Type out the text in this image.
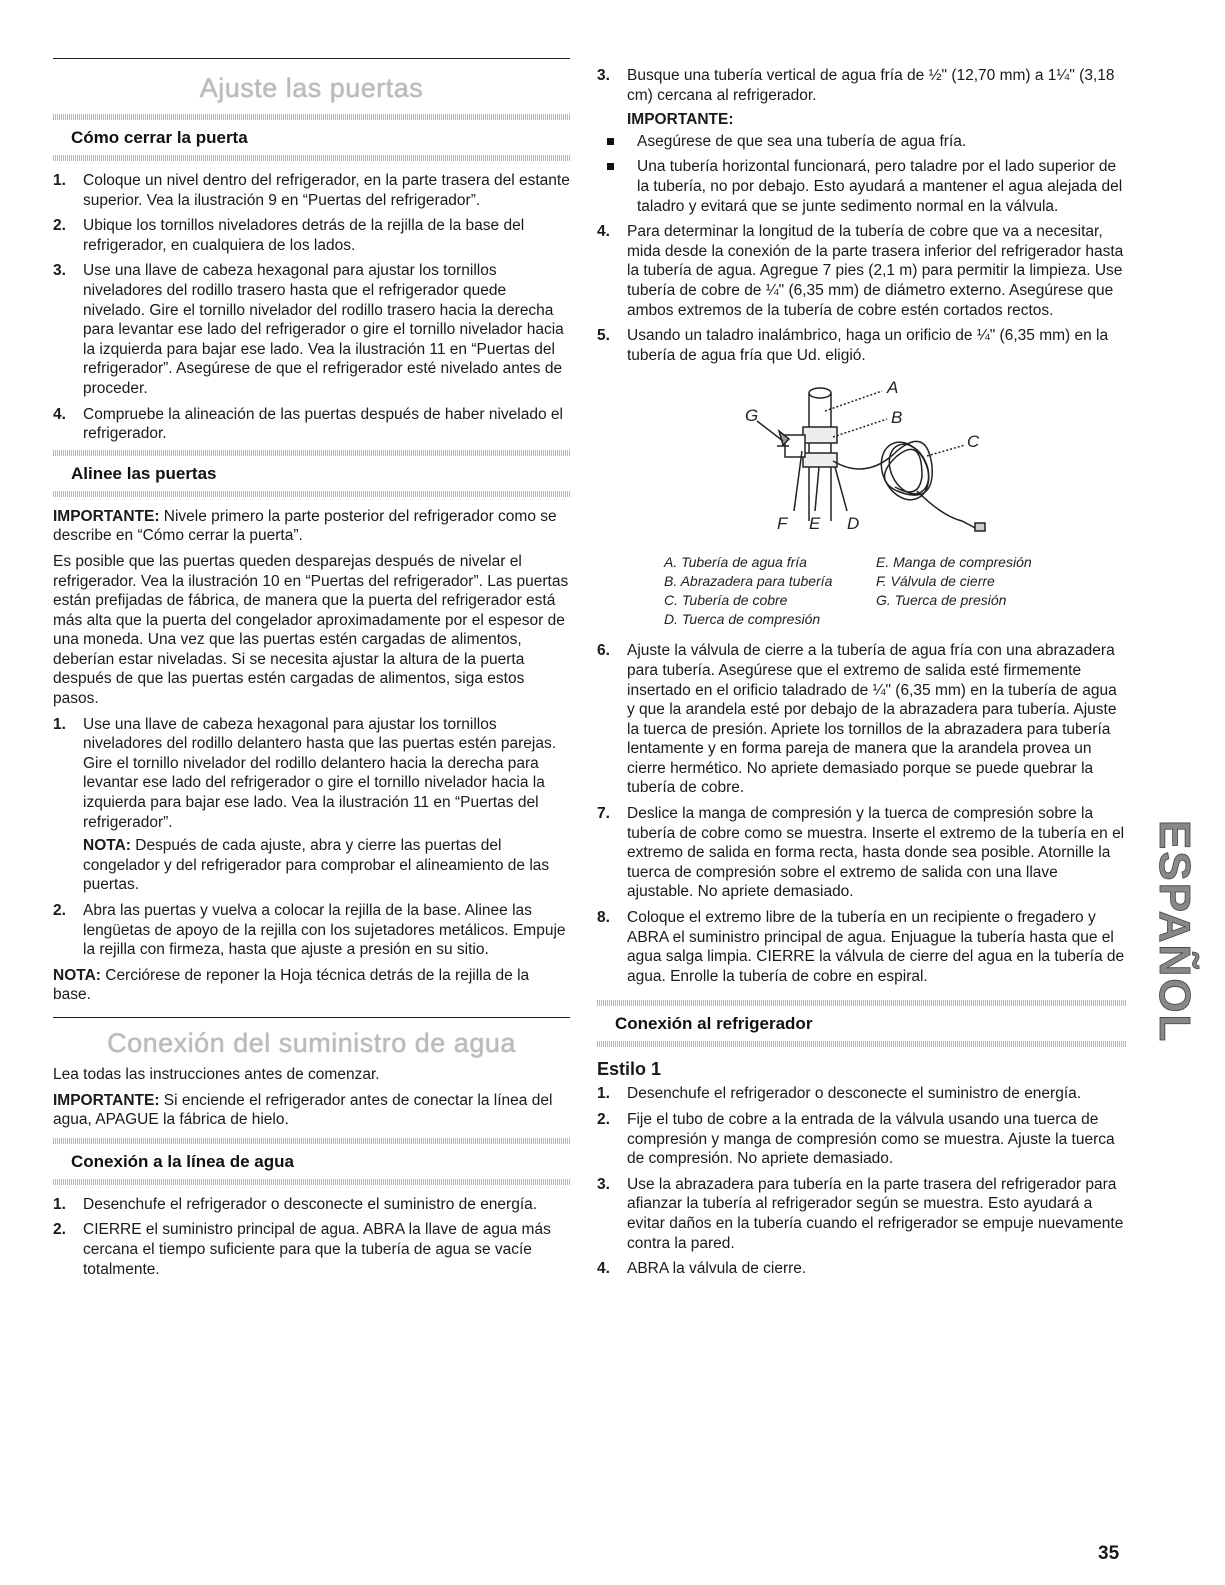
Ajuste las puertas
Cómo cerrar la puerta
1. Coloque un nivel dentro del refrigerador, en la parte trasera del estante superior. Vea la ilustración 9 en “Puertas del refrigerador”.
2. Ubique los tornillos niveladores detrás de la rejilla de la base del refrigerador, en cualquiera de los lados.
3. Use una llave de cabeza hexagonal para ajustar los tornillos niveladores del rodillo trasero hasta que el refrigerador quede nivelado. Gire el tornillo nivelador del rodillo trasero hacia la derecha para levantar ese lado del refrigerador o gire el tornillo nivelador hacia la izquierda para bajar ese lado. Vea la ilustración 11 en “Puertas del refrigerador”. Asegúrese de que el refrigerador esté nivelado antes de proceder.
4. Compruebe la alineación de las puertas después de haber nivelado el refrigerador.
Alinee las puertas

IMPORTANTE: Nivele primero la parte posterior del refrigerador como se describe en “Cómo cerrar la puerta”.

Es posible que las puertas queden desparejas después de nivelar el refrigerador. Vea la ilustración 10 en “Puertas del refrigerador”. Las puertas están prefijadas de fábrica, de manera que la puerta del refrigerador está más alta que la puerta del congelador aproximadamente por el espesor de una moneda. Una vez que las puertas estén cargadas de alimentos, deberían estar niveladas. Si se necesita ajustar la altura de la puerta después de que las puertas estén cargadas de alimentos, siga estos pasos.

1. Use una llave de cabeza hexagonal para ajustar los tornillos niveladores del rodillo delantero hasta que las puertas estén parejas. Gire el tornillo nivelador del rodillo delantero hacia la derecha para levantar ese lado del refrigerador o gire el tornillo nivelador hacia la izquierda para bajar ese lado. Vea la ilustración 11 en “Puertas del refrigerador”.
NOTA: Después de cada ajuste, abra y cierre las puertas del congelador y del refrigerador para comprobar el alineamiento de las puertas.
2. Abra las puertas y vuelva a colocar la rejilla de la base. Alinee las lengüetas de apoyo de la rejilla con los sujetadores metálicos. Empuje la rejilla con firmeza, hasta que ajuste a presión en su sitio.

NOTA: Cerciórese de reponer la Hoja técnica detrás de la rejilla de la base.

Conexión del suministro de agua

Lea todas las instrucciones antes de comenzar.

IMPORTANTE: Si enciende el refrigerador antes de conectar la línea del agua, APAGUE la fábrica de hielo.

Conexión a la línea de agua
1. Desenchufe el refrigerador o desconecte el suministro de energía.
2. CIERRE el suministro principal de agua. ABRA la llave de agua más cercana el tiempo suficiente para que la tubería de agua se vacíe totalmente.
3. Busque una tubería vertical de agua fría de ½" (12,70 mm) a 1¼" (3,18 cm) cercana al refrigerador.
IMPORTANTE:
Asegúrese de que sea una tubería de agua fría.
Una tubería horizontal funcionará, pero taladre por el lado superior de la tubería, no por debajo. Esto ayudará a mantener el agua alejada del taladro y evitará que se junte sedimento normal en la válvula.
4. Para determinar la longitud de la tubería de cobre que va a necesitar, mida desde la conexión de la parte trasera inferior del refrigerador hasta la tubería de agua. Agregue 7 pies (2,1 m) para permitir la limpieza. Use tubería de cobre de ¼" (6,35 mm) de diámetro externo. Asegúrese que ambos extremos de la tubería de cobre estén cortados rectos.
5. Usando un taladro inalámbrico, haga un orificio de ¼" (6,35 mm) en la tubería de agua fría que Ud. eligió.
A
B
C
D
E
F
G
A. Tubería de agua fría	E. Manga de compresión
B. Abrazadera para tubería	F. Válvula de cierre
C. Tubería de cobre	G. Tuerca de presión
D. Tuerca de compresión
6. Ajuste la válvula de cierre a la tubería de agua fría con una abrazadera para tubería. Asegúrese que el extremo de salida esté firmemente insertado en el orificio taladrado de ¼" (6,35 mm) en la tubería de agua y que la arandela esté por debajo de la abrazadera para tubería. Ajuste la tuerca de presión. Apriete los tornillos de la abrazadera para tubería lentamente y en forma pareja de manera que la arandela provea un cierre hermético. No apriete demasiado porque se puede quebrar la tubería de cobre.
7. Deslice la manga de compresión y la tuerca de compresión sobre la tubería de cobre como se muestra. Inserte el extremo de la tubería en el extremo de salida en forma recta, hasta donde sea posible. Atornille la tuerca de compresión sobre el extremo de salida con una llave ajustable. No apriete demasiado.
8. Coloque el extremo libre de la tubería en un recipiente o fregadero y ABRA el suministro principal de agua. Enjuague la tubería hasta que el agua salga limpia. CIERRE la válvula de cierre del agua en la tubería de agua. Enrolle la tubería de cobre en espiral.
Conexión al refrigerador
Estilo 1
1. Desenchufe el refrigerador o desconecte el suministro de energía.
2. Fije el tubo de cobre a la entrada de la válvula usando una tuerca de compresión y manga de compresión como se muestra. Ajuste la tuerca de compresión. No apriete demasiado.
3. Use la abrazadera para tubería en la parte trasera del refrigerador para afianzar la tubería al refrigerador según se muestra. Esto ayudará a evitar daños en la tubería cuando el refrigerador se empuje nuevamente contra la pared.
4. ABRA la válvula de cierre.
ESPAÑOL
35
